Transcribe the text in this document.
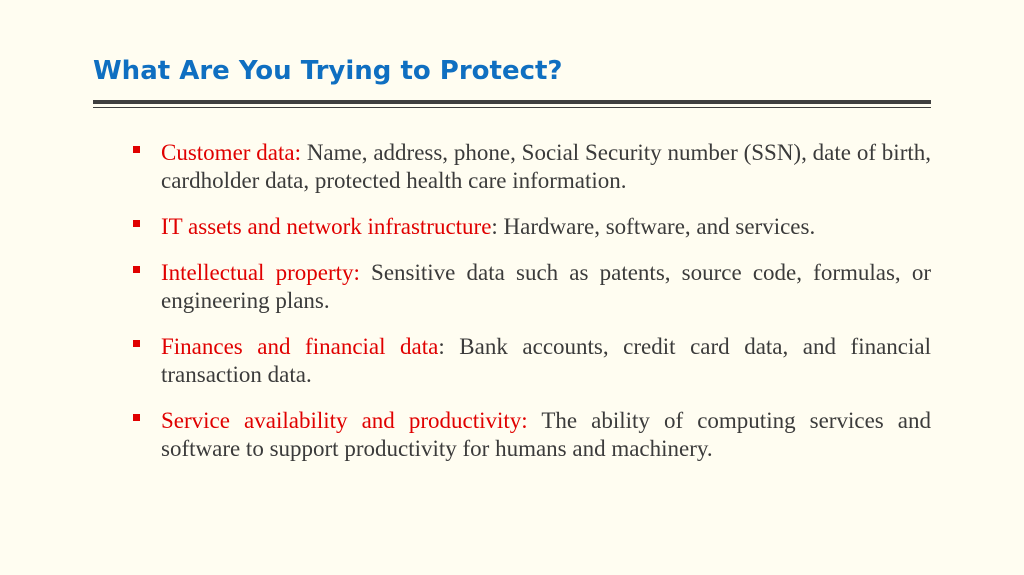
What Are You Trying to Protect?
Customer data: Name, address, phone, Social Security number (SSN), date of birth, cardholder data, protected health care information.
IT assets and network infrastructure: Hardware, software, and services.
Intellectual property: Sensitive data such as patents, source code, formulas, or engineering plans.
Finances and financial data: Bank accounts, credit card data, and financial transaction data.
Service availability and productivity: The ability of computing services and software to support productivity for humans and machinery.
